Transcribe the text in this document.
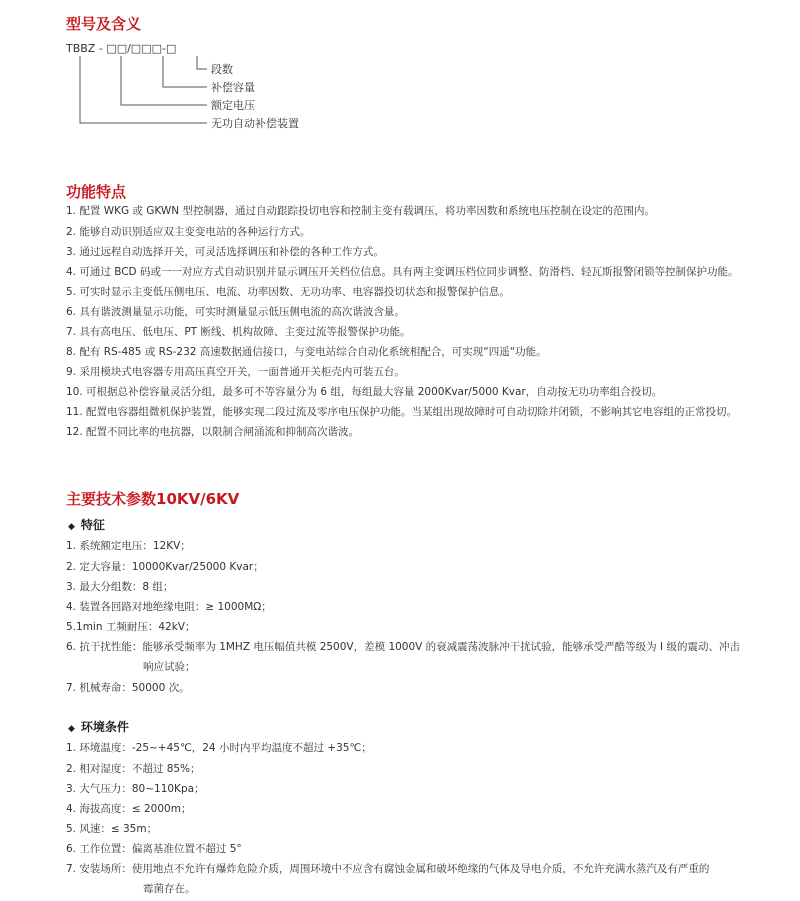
型号及含义
TBBZ - □□/□□□-□
段数
补偿容量
额定电压
无功自动补偿装置
功能特点
1. 配置 WKG 或 GKWN 型控制器，通过自动跟踪投切电容和控制主变有载调压，将功率因数和系统电压控制在设定的范围内。
2. 能够自动识别适应双主变变电站的各种运行方式。
3. 通过远程自动选择开关，可灵活选择调压和补偿的各种工作方式。
4. 可通过 BCD 码或一一对应方式自动识别并显示调压开关档位信息。具有两主变调压档位同步调整、防滑档、轻瓦斯报警闭锁等控制保护功能。
5. 可实时显示主变低压侧电压、电流、功率因数、无功功率、电容器投切状态和报警保护信息。
6. 具有谐波测量显示功能，可实时测量显示低压侧电流的高次谐波含量。
7. 具有高电压、低电压、PT 断线、机构故障、主变过流等报警保护功能。
8. 配有 RS-485 或 RS-232 高速数据通信接口，与变电站综合自动化系统相配合，可实现“四遥“功能。
9. 采用模块式电容器专用高压真空开关，一面普通开关柜壳内可装五台。
10. 可根据总补偿容量灵活分组，最多可不等容量分为 6 组，每组最大容量 2000Kvar/5000 Kvar，自动按无功功率组合投切。
11. 配置电容器组微机保护装置，能够实现二段过流及零序电压保护功能。当某组出现故障时可自动切除并闭锁，不影响其它电容组的正常投切。
12. 配置不同比率的电抗器，以限制合闸涌流和抑制高次谐波。
主要技术参数10KV/6KV
◆ 特征
1. 系统额定电压：12KV；
2. 定大容量：10000Kvar/25000 Kvar；
3. 最大分组数：8 组；
4. 装置各回路对地绝缘电阻：≥ 1000MΩ；
5.1min 工频耐压：42kV；
6. 抗干扰性能：能够承受频率为 1MHZ 电压幅值共模 2500V，差模 1000V 的衰减震荡波脉冲干扰试验，能够承受严酷等级为 I 级的震动、冲击
响应试验；
7. 机械寿命：50000 次。
◆ 环境条件
1. 环境温度：-25~+45℃，24 小时内平均温度不超过 +35℃；
2. 相对湿度：不超过 85%；
3. 大气压力：80~110Kpa；
4. 海拔高度：≤ 2000m；
5. 风速：≤ 35m；
6. 工作位置：偏离基准位置不超过 5°
7. 安装场所：使用地点不允许有爆炸危险介质，周围环境中不应含有腐蚀金属和破坏绝缘的气体及导电介质，不允许充满水蒸汽及有严重的
霉菌存在。
